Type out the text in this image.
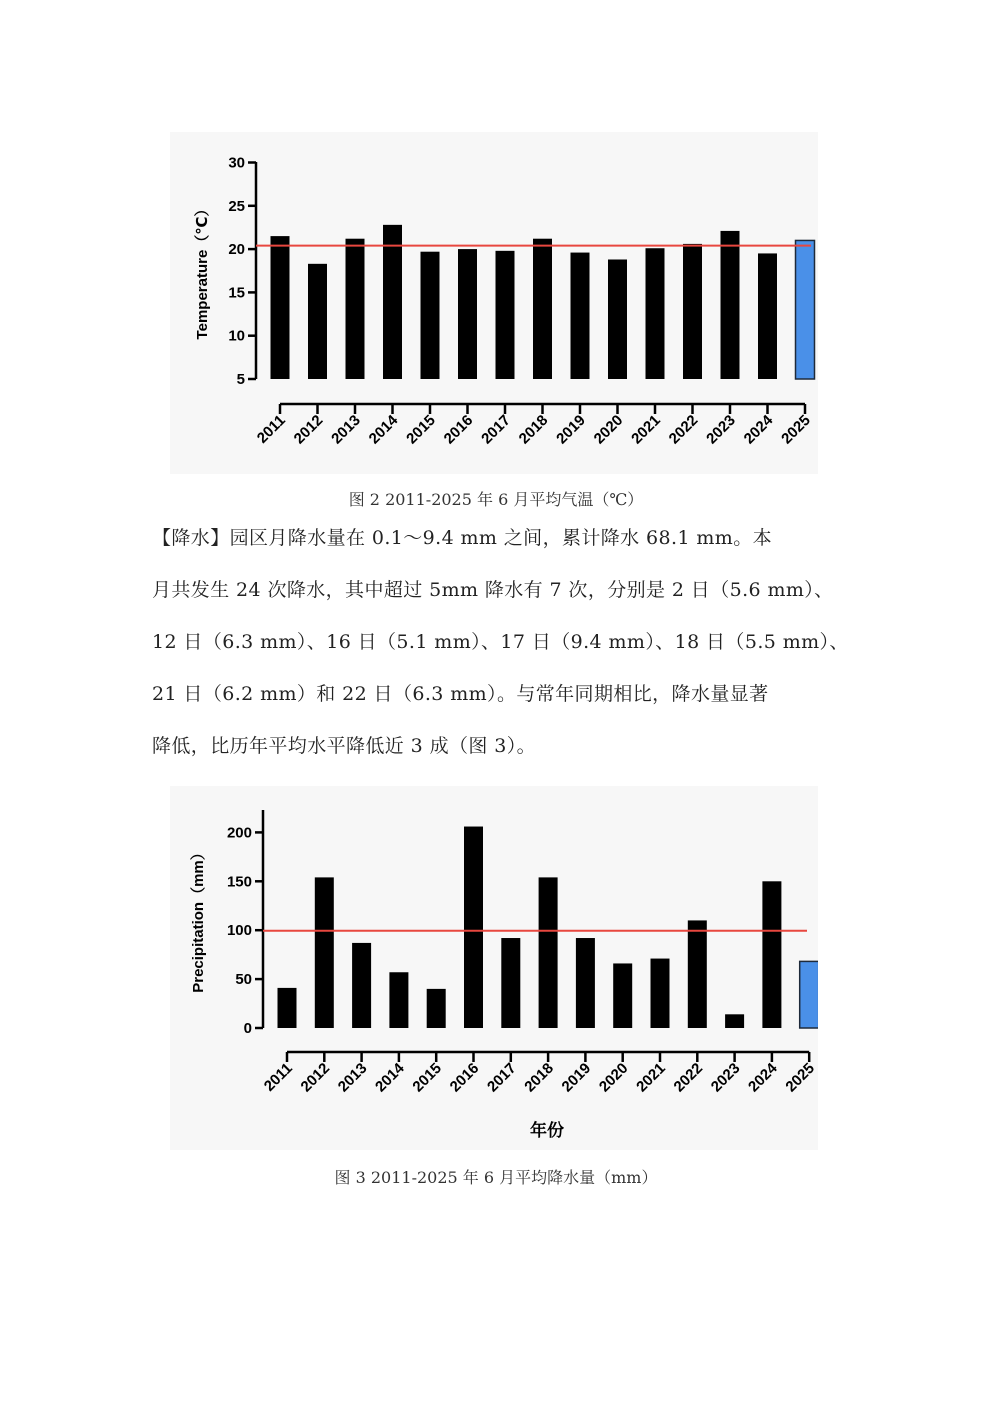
5
10
15
20
25
30
Temperature（℃）
2011 2012 2013 2014 2015 2016 2017 2018 2019 2020 2021 2022 2023 2024 2025
图 2 2011-2025 年 6 月平均气温（℃）

【降水】园区月降水量在 0.1～9.4 mm 之间，累计降水 68.1 mm。本

月共发生 24 次降水，其中超过 5mm 降水有 7 次，分别是 2 日（5.6 mm）、

12 日（6.3 mm）、16 日（5.1 mm）、17 日（9.4 mm）、18 日（5.5 mm）、

21 日（6.2 mm）和 22 日（6.3 mm）。与常年同期相比，降水量显著

降低，比历年平均水平降低近 3 成（图 3）。

0
50
100
150
200
Precipitation（mm）
2011 2012 2013 2014 2015 2016 2017 2018 2019 2020 2021 2022 2023 2024 2025
年份
图 3 2011-2025 年 6 月平均降水量（mm）
